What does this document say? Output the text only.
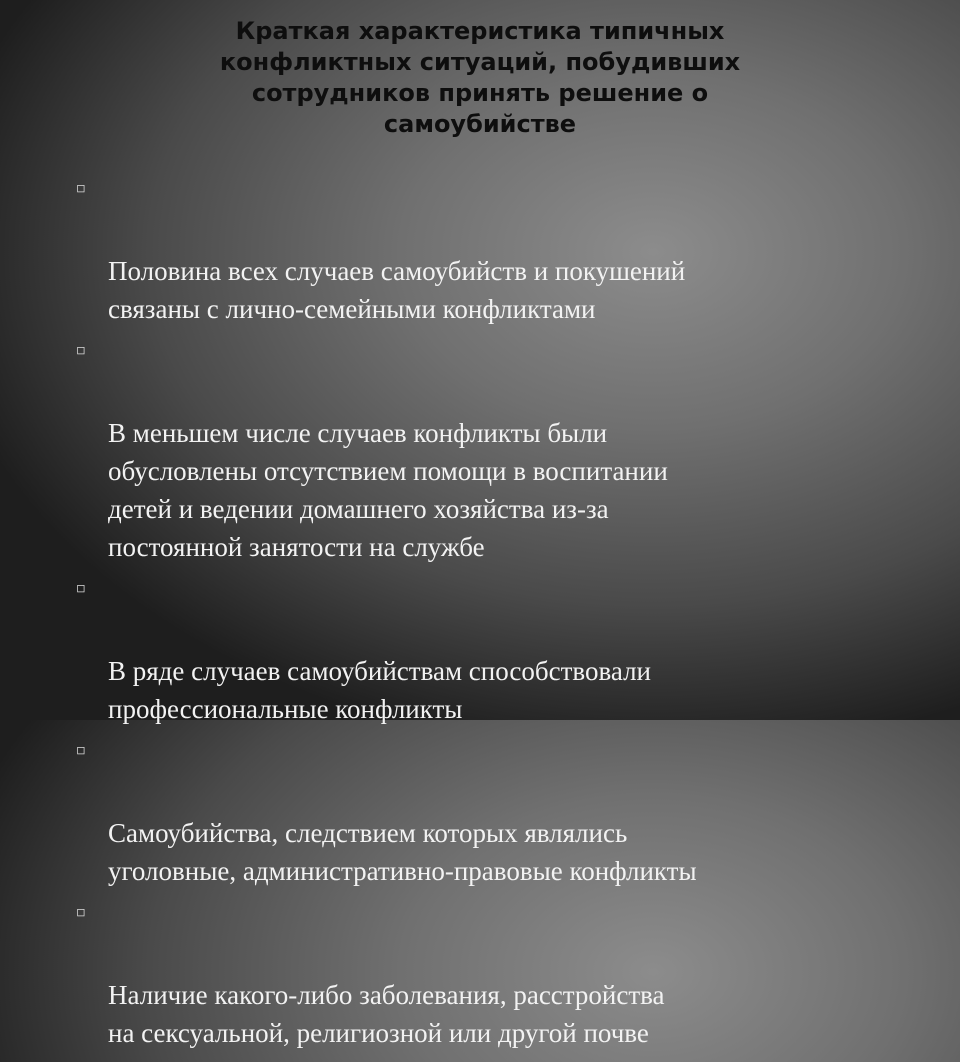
Краткая характеристика типичных
конфликтных ситуаций, побудивших
сотрудников принять решение о
самоубийстве

◽

Половина всех случаев самоубийств и покушений
связаны с лично-семейными конфликтами

◽

В меньшем числе случаев конфликты были
обусловлены отсутствием помощи в воспитании
детей и ведении домашнего хозяйства из-за
постоянной занятости на службе

◽

В ряде случаев самоубийствам способствовали
профессиональные конфликты

◽

Самоубийства, следствием которых являлись
уголовные, административно-правовые конфликты

◽

Наличие какого-либо заболевания, расстройства
на сексуальной, религиозной или другой почве
